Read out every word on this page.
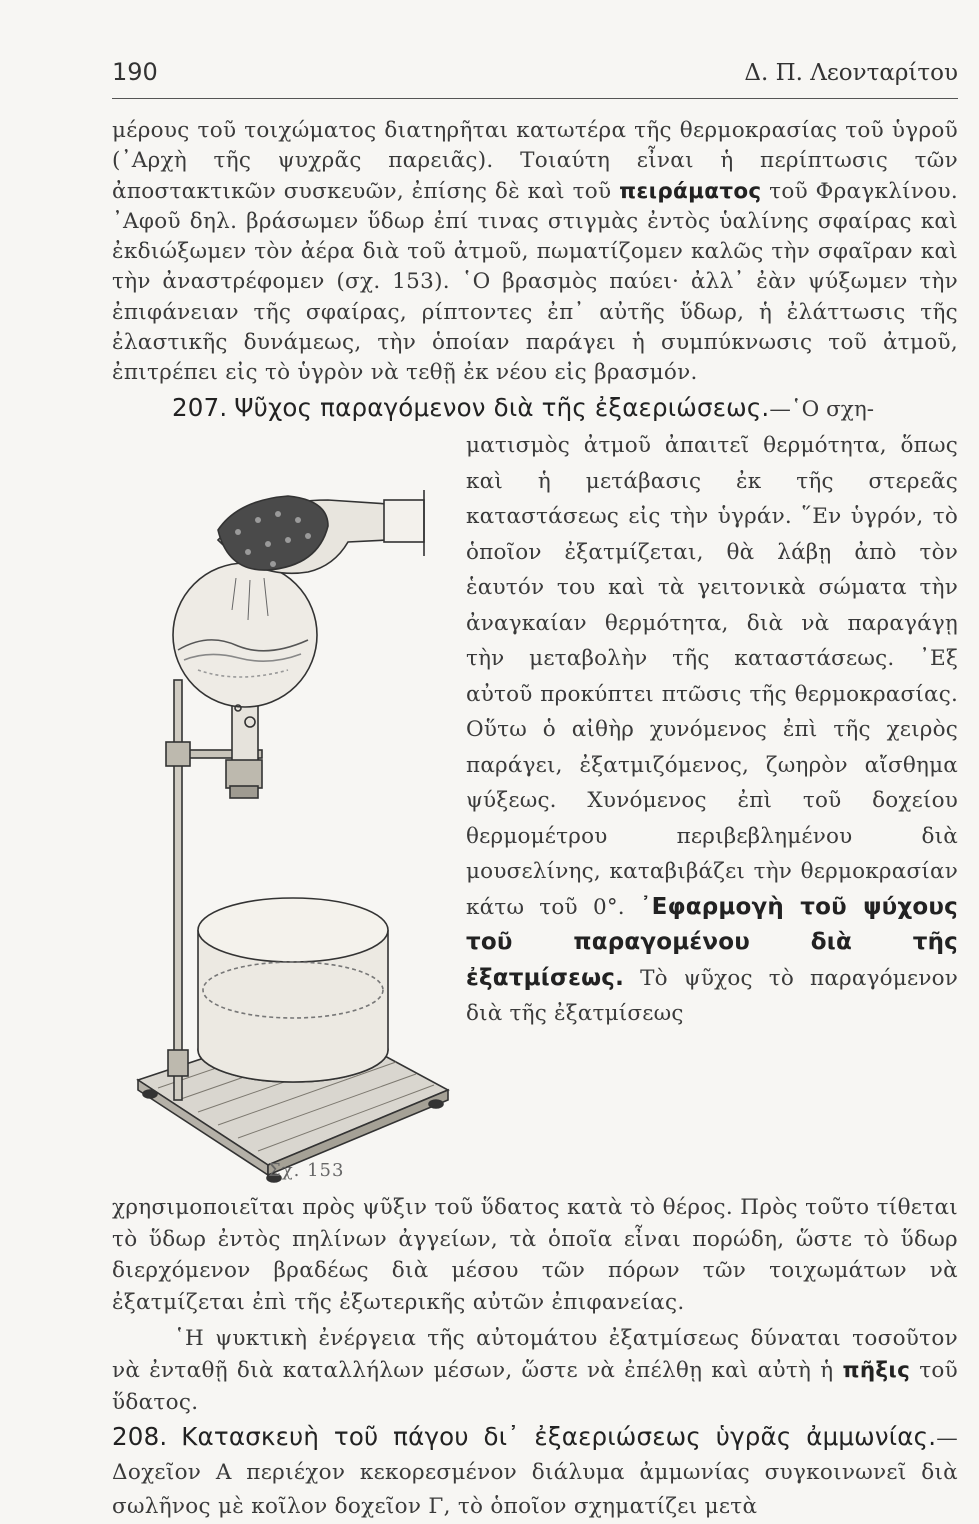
190	Δ. Π. Λεονταρίτου
μέρους τοῦ τοιχώματος διατηρῆται κατωτέρα τῆς θερμοκρασίας τοῦ ὑγροῦ (᾿Αρχὴ τῆς ψυχρᾶς παρειᾶς). Τοιαύτη εἶναι ἡ περίπτωσις τῶν ἀποστακτικῶν συσκευῶν, ἐπίσης δὲ καὶ τοῦ πειράματος τοῦ Φραγκλίνου. ᾿Αφοῦ δηλ. βράσωμεν ὕδωρ ἐπί τινας στιγμὰς ἐντὸς ὑαλίνης σφαίρας καὶ ἐκδιώξωμεν τὸν ἀέρα διὰ τοῦ ἀτμοῦ, πωματίζομεν καλῶς τὴν σφαῖραν καὶ τὴν ἀναστρέφομεν (σχ. 153). ῾Ο βρασμὸς παύει· ἀλλ᾿ ἐὰν ψύξωμεν τὴν ἐπιφάνειαν τῆς σφαίρας, ρίπτοντες ἐπ᾿ αὐτῆς ὕδωρ, ἡ ἐλάττωσις τῆς ἐλαστικῆς δυνάμεως, τὴν ὁποίαν παράγει ἡ συμπύκνωσις τοῦ ἀτμοῦ, ἐπιτρέπει εἰς τὸ ὑγρὸν νὰ τεθῇ ἐκ νέου εἰς βρασμόν.
207. Ψῦχος παραγόμενον διὰ τῆς ἐξαεριώσεως.—῾Ο σχη-
ματισμὸς ἀτμοῦ ἀπαιτεῖ θερμότητα, ὅπως καὶ ἡ μετάβασις ἐκ τῆς στερεᾶς καταστάσεως εἰς τὴν ὑγράν. ῞Εν ὑγρόν, τὸ ὁποῖον ἐξατμίζεται, θὰ λάβῃ ἀπὸ τὸν ἑαυτόν του καὶ τὰ γειτονικὰ σώματα τὴν ἀναγκαίαν θερμότητα, διὰ νὰ παραγάγῃ τὴν μεταβολὴν τῆς καταστάσεως. ᾿Εξ αὐτοῦ προκύπτει πτῶσις τῆς θερμοκρασίας. Οὕτω ὁ αἰθὴρ χυνόμενος ἐπὶ τῆς χειρὸς παράγει, ἐξατμιζόμενος, ζωηρὸν αἴσθημα ψύξεως. Χυνόμενος ἐπὶ τοῦ δοχείου θερμομέτρου περιβεβλημένου διὰ μουσελίνης, καταβιβάζει τὴν θερμοκρασίαν κάτω τοῦ 0°. ᾿Εφαρμογὴ τοῦ ψύχους τοῦ παραγομένου διὰ τῆς ἐξατμίσεως. Τὸ ψῦχος τὸ παραγόμενον διὰ τῆς ἐξατμίσεως
Σχ. 153
χρησιμοποιεῖται πρὸς ψῦξιν τοῦ ὕδατος κατὰ τὸ θέρος. Πρὸς τοῦτο τίθεται τὸ ὕδωρ ἐντὸς πηλίνων ἀγγείων, τὰ ὁποῖα εἶναι πορώδη, ὥστε τὸ ὕδωρ διερχόμενον βραδέως διὰ μέσου τῶν πόρων τῶν τοιχωμάτων νὰ ἐξατμίζεται ἐπὶ τῆς ἐξωτερικῆς αὐτῶν ἐπιφανείας.
῾Η ψυκτικὴ ἐνέργεια τῆς αὐτομάτου ἐξατμίσεως δύναται τοσοῦτον νὰ ἐνταθῇ διὰ καταλλήλων μέσων, ὥστε νὰ ἐπέλθῃ καὶ αὐτὴ ἡ πῆξις τοῦ ὕδατος.
208. Κατασκευὴ τοῦ πάγου δι᾿ ἐξαεριώσεως ὑγρᾶς ἀμμωνίας.—Δοχεῖον Α περιέχον κεκορεσμένον διάλυμα ἀμμωνίας συγκοινωνεῖ διὰ σωλῆνος μὲ κοῖλον δοχεῖον Γ, τὸ ὁποῖον σχηματίζει μετὰ
